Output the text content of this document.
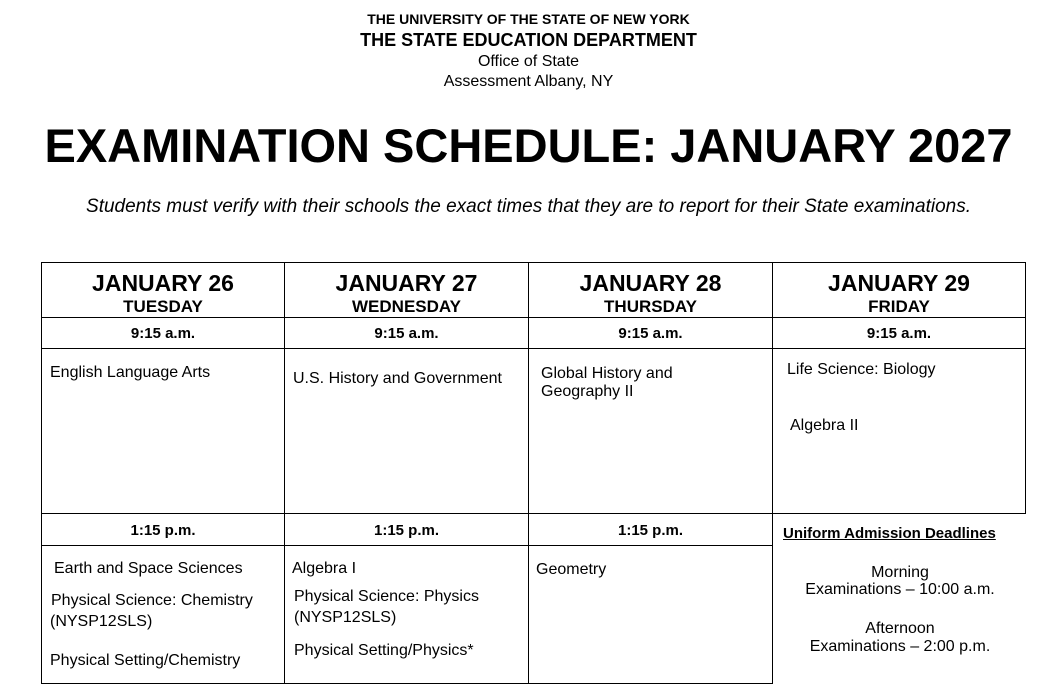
THE UNIVERSITY OF THE STATE OF NEW YORK
THE STATE EDUCATION DEPARTMENT
Office of State
Assessment Albany, NY
EXAMINATION SCHEDULE: JANUARY 2027
Students must verify with their schools the exact times that they are to report for their State examinations.
JANUARY 26
TUESDAY
9:15 a.m.
English Language Arts
1:15 p.m.
Earth and Space Sciences
Physical Science: Chemistry
(NYSP12SLS)
Physical Setting/Chemistry
JANUARY 27
WEDNESDAY
9:15 a.m.
U.S. History and Government
1:15 p.m.
Algebra I
Physical Science: Physics
(NYSP12SLS)
Physical Setting/Physics*
JANUARY 28
THURSDAY
9:15 a.m.
Global History and
Geography II
1:15 p.m.
Geometry
JANUARY 29
FRIDAY
9:15 a.m.
Life Science: Biology
Algebra II
Uniform Admission Deadlines
Morning
Examinations – 10:00 a.m.
Afternoon
Examinations – 2:00 p.m.
